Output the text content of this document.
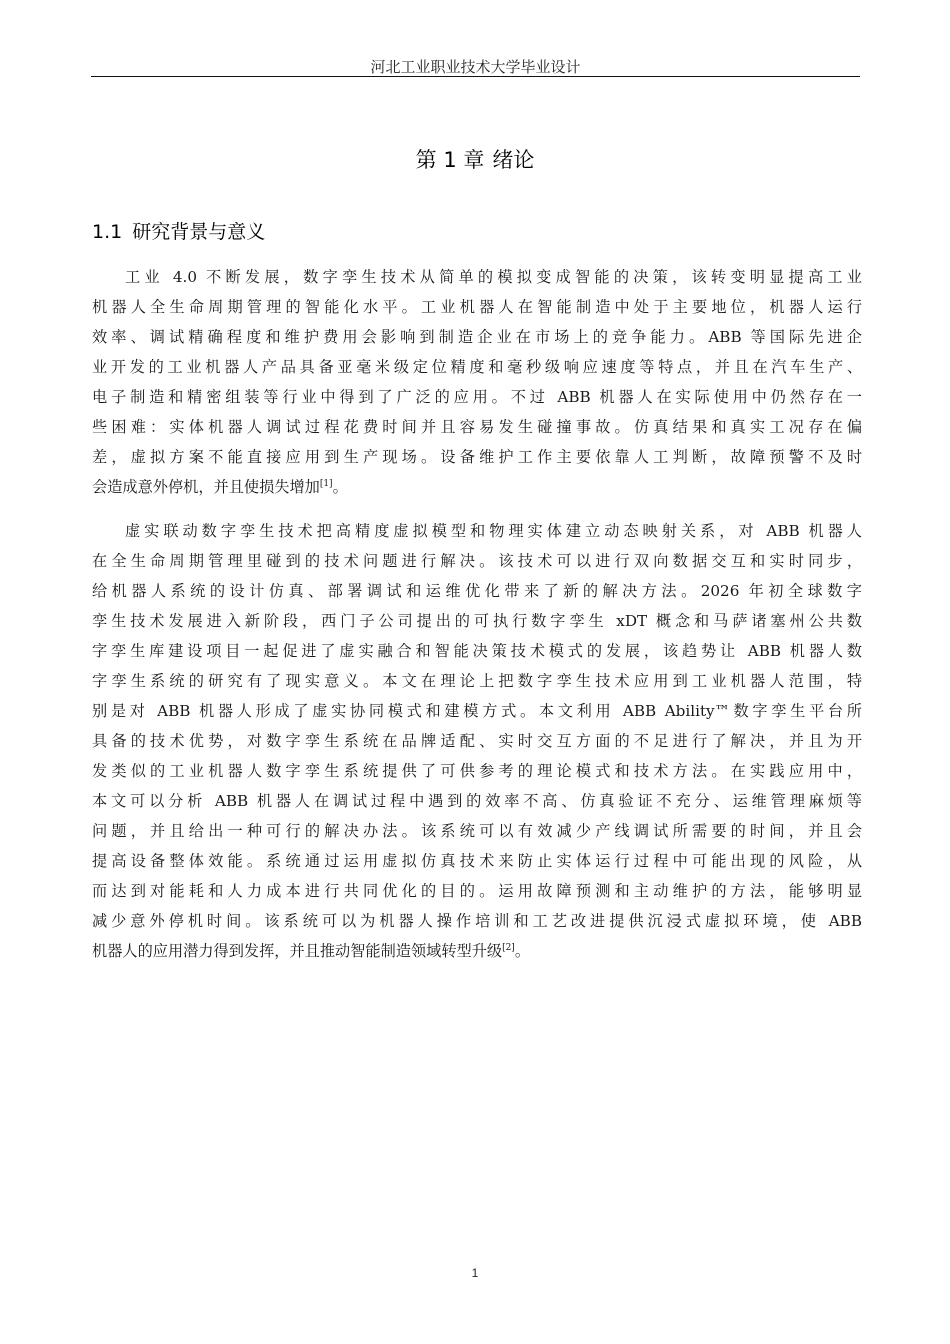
河北工业职业技术大学毕业设计
第 1 章 绪论
1.1 研究背景与意义
工业 4.0 不断发展，数字孪生技术从简单的模拟变成智能的决策，该转变明显提高工业
机器人全生命周期管理的智能化水平。工业机器人在智能制造中处于主要地位，机器人运行
效率、调试精确程度和维护费用会影响到制造企业在市场上的竞争能力。ABB 等国际先进企
业开发的工业机器人产品具备亚毫米级定位精度和毫秒级响应速度等特点，并且在汽车生产、
电子制造和精密组装等行业中得到了广泛的应用。不过 ABB 机器人在实际使用中仍然存在一
些困难：实体机器人调试过程花费时间并且容易发生碰撞事故。仿真结果和真实工况存在偏
差，虚拟方案不能直接应用到生产现场。设备维护工作主要依靠人工判断，故障预警不及时
会造成意外停机，并且使损失增加[1]。
虚实联动数字孪生技术把高精度虚拟模型和物理实体建立动态映射关系，对 ABB 机器人
在全生命周期管理里碰到的技术问题进行解决。该技术可以进行双向数据交互和实时同步，
给机器人系统的设计仿真、部署调试和运维优化带来了新的解决方法。2026 年初全球数字
孪生技术发展进入新阶段，西门子公司提出的可执行数字孪生 xDT 概念和马萨诸塞州公共数
字孪生库建设项目一起促进了虚实融合和智能决策技术模式的发展，该趋势让 ABB 机器人数
字孪生系统的研究有了现实意义。本文在理论上把数字孪生技术应用到工业机器人范围，特
别是对 ABB 机器人形成了虚实协同模式和建模方式。本文利用 ABB Ability™数字孪生平台所
具备的技术优势，对数字孪生系统在品牌适配、实时交互方面的不足进行了解决，并且为开
发类似的工业机器人数字孪生系统提供了可供参考的理论模式和技术方法。在实践应用中，
本文可以分析 ABB 机器人在调试过程中遇到的效率不高、仿真验证不充分、运维管理麻烦等
问题，并且给出一种可行的解决办法。该系统可以有效减少产线调试所需要的时间，并且会
提高设备整体效能。系统通过运用虚拟仿真技术来防止实体运行过程中可能出现的风险，从
而达到对能耗和人力成本进行共同优化的目的。运用故障预测和主动维护的方法，能够明显
减少意外停机时间。该系统可以为机器人操作培训和工艺改进提供沉浸式虚拟环境，使 ABB
机器人的应用潜力得到发挥，并且推动智能制造领域转型升级[2]。
1
